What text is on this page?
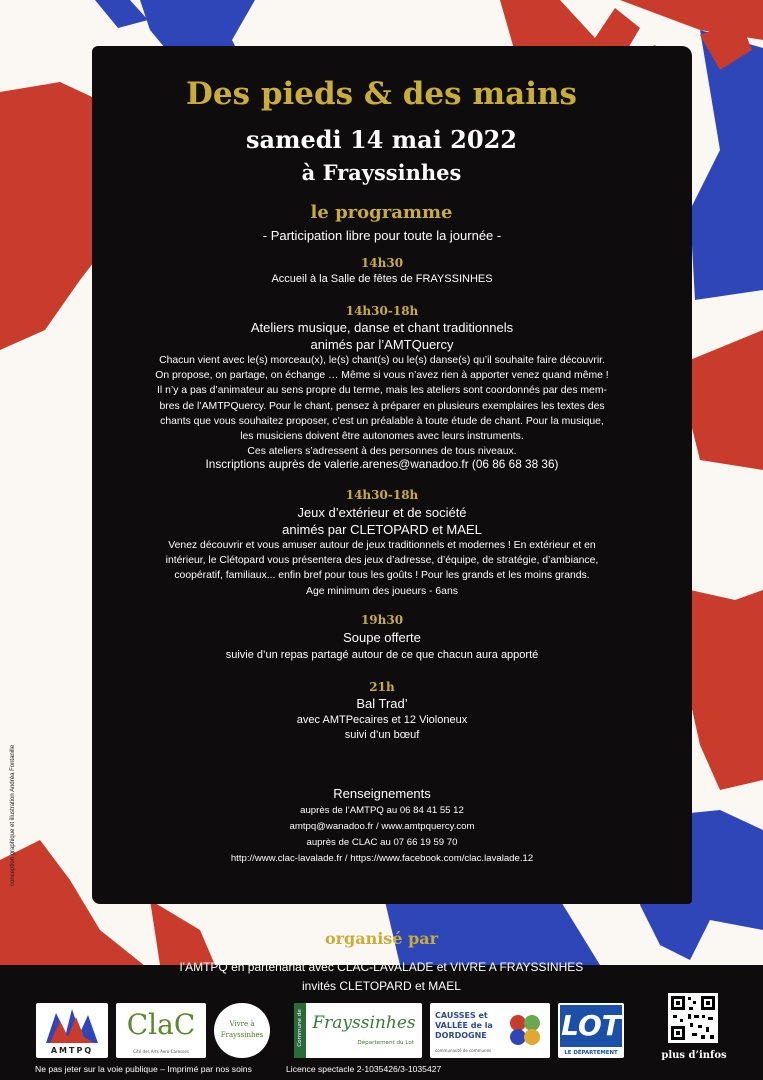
Des pieds & des mains
samedi 14 mai 2022
à Frayssinhes
le programme
- Participation libre pour toute la journée -
14h30
Accueil à la Salle de fêtes de FRAYSSINHES
14h30-18h
Ateliers musique, danse et chant traditionnels
animés par l’AMTQuercy
Chacun vient avec le(s) morceau(x), le(s) chant(s) ou le(s) danse(s) qu’il souhaite faire découvrir.
On propose, on partage, on échange … Même si vous n’avez rien à apporter venez quand même !
Il n’y a pas d’animateur au sens propre du terme, mais les ateliers sont coordonnés par des mem-
bres de l’AMTPQuercy. Pour le chant, pensez à préparer en plusieurs exemplaires les textes des
chants que vous souhaitez proposer, c’est un préalable à toute étude de chant. Pour la musique,
les musiciens doivent être autonomes avec leurs instruments.
Ces ateliers s’adressent à des personnes de tous niveaux.
Inscriptions auprès de valerie.arenes@wanadoo.fr (06 86 68 38 36)
14h30-18h
Jeux d’extérieur et de société
animés par CLETOPARD et MAEL
Venez découvrir et vous amuser autour de jeux traditionnels et modernes ! En extérieur et en
intérieur, le Clétopard vous présentera des jeux d’adresse, d’équipe, de stratégie, d’ambiance,
coopératif, familiaux... enfin bref pour tous les goûts ! Pour les grands et les moins grands.
Age minimum des joueurs - 6ans
19h30
Soupe offerte
suivie d’un repas partagé autour de ce que chacun aura apporté
21h
Bal Trad’
avec AMTPecaires et 12 Violoneux
suivi d’un bœuf
Renseignements
auprès de l’AMTPQ au 06 84 41 55 12
amtpq@wanadoo.fr / www.amtpquercy.com
auprès de CLAC au 07 66 19 59 70
http://www.clac-lavalade.fr / https://www.facebook.com/clac.lavalade.12
organisé par
l’AMTPQ en partenariat avec CLAC-LAVALADE et VIVRE A FRAYSSINHES
invités CLETOPARD et MAEL
AMTPQ
ClaC
Cité des Arts Aero-Caresses
Vivre à Frayssinhes	Commune de Frayssinhes
Département du Lot
CAUSSES et
VALLÉE de la
DORDOGNE
communauté de communes
LOT
LE DÉPARTEMENT	plus d’infos
Ne pas jeter sur la voie publique – Imprimé par nos soins	Licence spectacle 2-1035426/3-1035427
conception graphique et illustration Andréa Fontanille
